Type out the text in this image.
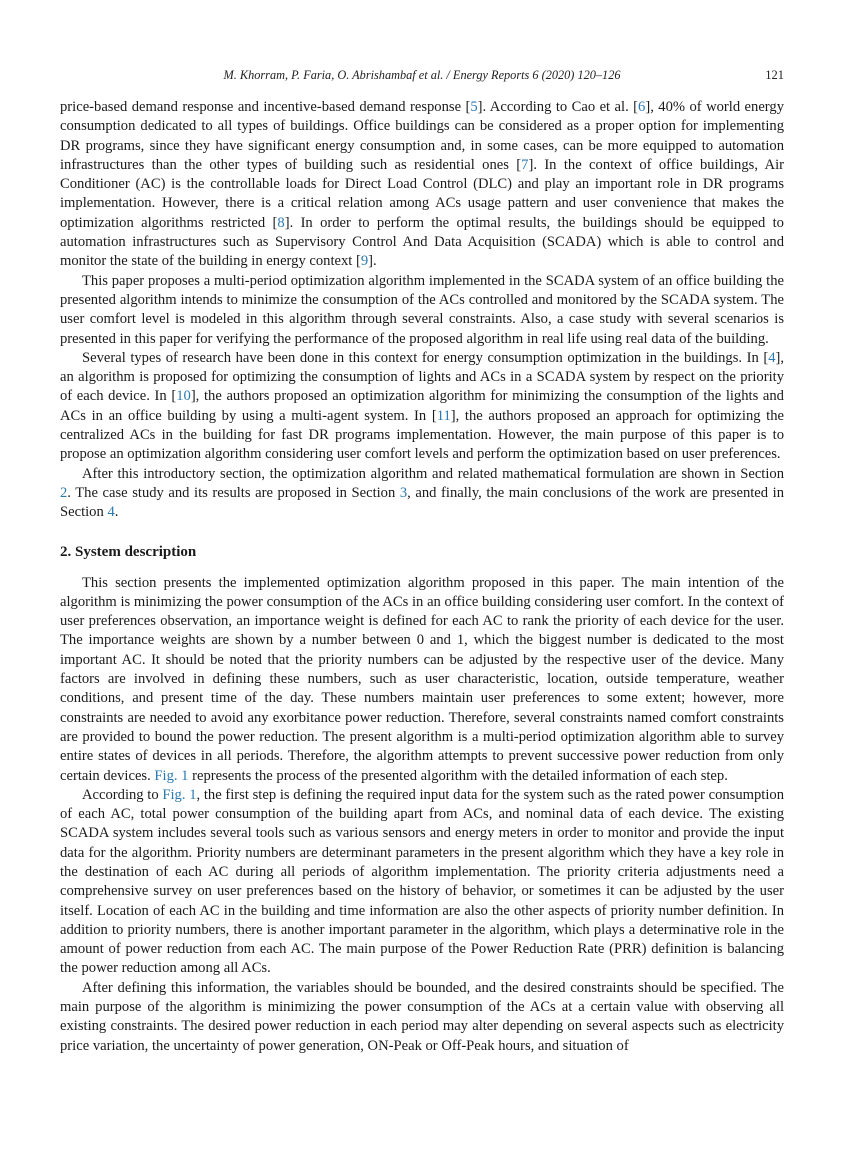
M. Khorram, P. Faria, O. Abrishambaf et al. / Energy Reports 6 (2020) 120–126	121

price-based demand response and incentive-based demand response [5]. According to Cao et al. [6], 40% of world energy consumption dedicated to all types of buildings. Office buildings can be considered as a proper option for implementing DR programs, since they have significant energy consumption and, in some cases, can be more equipped to automation infrastructures than the other types of building such as residential ones [7]. In the context of office buildings, Air Conditioner (AC) is the controllable loads for Direct Load Control (DLC) and play an important role in DR programs implementation. However, there is a critical relation among ACs usage pattern and user convenience that makes the optimization algorithms restricted [8]. In order to perform the optimal results, the buildings should be equipped to automation infrastructures such as Supervisory Control And Data Acquisition (SCADA) which is able to control and monitor the state of the building in energy context [9].

This paper proposes a multi-period optimization algorithm implemented in the SCADA system of an office building the presented algorithm intends to minimize the consumption of the ACs controlled and monitored by the SCADA system. The user comfort level is modeled in this algorithm through several constraints. Also, a case study with several scenarios is presented in this paper for verifying the performance of the proposed algorithm in real life using real data of the building.

Several types of research have been done in this context for energy consumption optimization in the buildings. In [4], an algorithm is proposed for optimizing the consumption of lights and ACs in a SCADA system by respect on the priority of each device. In [10], the authors proposed an optimization algorithm for minimizing the consumption of the lights and ACs in an office building by using a multi-agent system. In [11], the authors proposed an approach for optimizing the centralized ACs in the building for fast DR programs implementation. However, the main purpose of this paper is to propose an optimization algorithm considering user comfort levels and perform the optimization based on user preferences.

After this introductory section, the optimization algorithm and related mathematical formulation are shown in Section 2. The case study and its results are proposed in Section 3, and finally, the main conclusions of the work are presented in Section 4.

2. System description

This section presents the implemented optimization algorithm proposed in this paper. The main intention of the algorithm is minimizing the power consumption of the ACs in an office building considering user comfort. In the context of user preferences observation, an importance weight is defined for each AC to rank the priority of each device for the user. The importance weights are shown by a number between 0 and 1, which the biggest number is dedicated to the most important AC. It should be noted that the priority numbers can be adjusted by the respective user of the device. Many factors are involved in defining these numbers, such as user characteristic, location, outside temperature, weather conditions, and present time of the day. These numbers maintain user preferences to some extent; however, more constraints are needed to avoid any exorbitance power reduction. Therefore, several constraints named comfort constraints are provided to bound the power reduction. The present algorithm is a multi-period optimization algorithm able to survey entire states of devices in all periods. Therefore, the algorithm attempts to prevent successive power reduction from only certain devices. Fig. 1 represents the process of the presented algorithm with the detailed information of each step.

According to Fig. 1, the first step is defining the required input data for the system such as the rated power consumption of each AC, total power consumption of the building apart from ACs, and nominal data of each device. The existing SCADA system includes several tools such as various sensors and energy meters in order to monitor and provide the input data for the algorithm. Priority numbers are determinant parameters in the present algorithm which they have a key role in the destination of each AC during all periods of algorithm implementation. The priority criteria adjustments need a comprehensive survey on user preferences based on the history of behavior, or sometimes it can be adjusted by the user itself. Location of each AC in the building and time information are also the other aspects of priority number definition. In addition to priority numbers, there is another important parameter in the algorithm, which plays a determinative role in the amount of power reduction from each AC. The main purpose of the Power Reduction Rate (PRR) definition is balancing the power reduction among all ACs.

After defining this information, the variables should be bounded, and the desired constraints should be specified. The main purpose of the algorithm is minimizing the power consumption of the ACs at a certain value with observing all existing constraints. The desired power reduction in each period may alter depending on several aspects such as electricity price variation, the uncertainty of power generation, ON-Peak or Off-Peak hours, and situation of
